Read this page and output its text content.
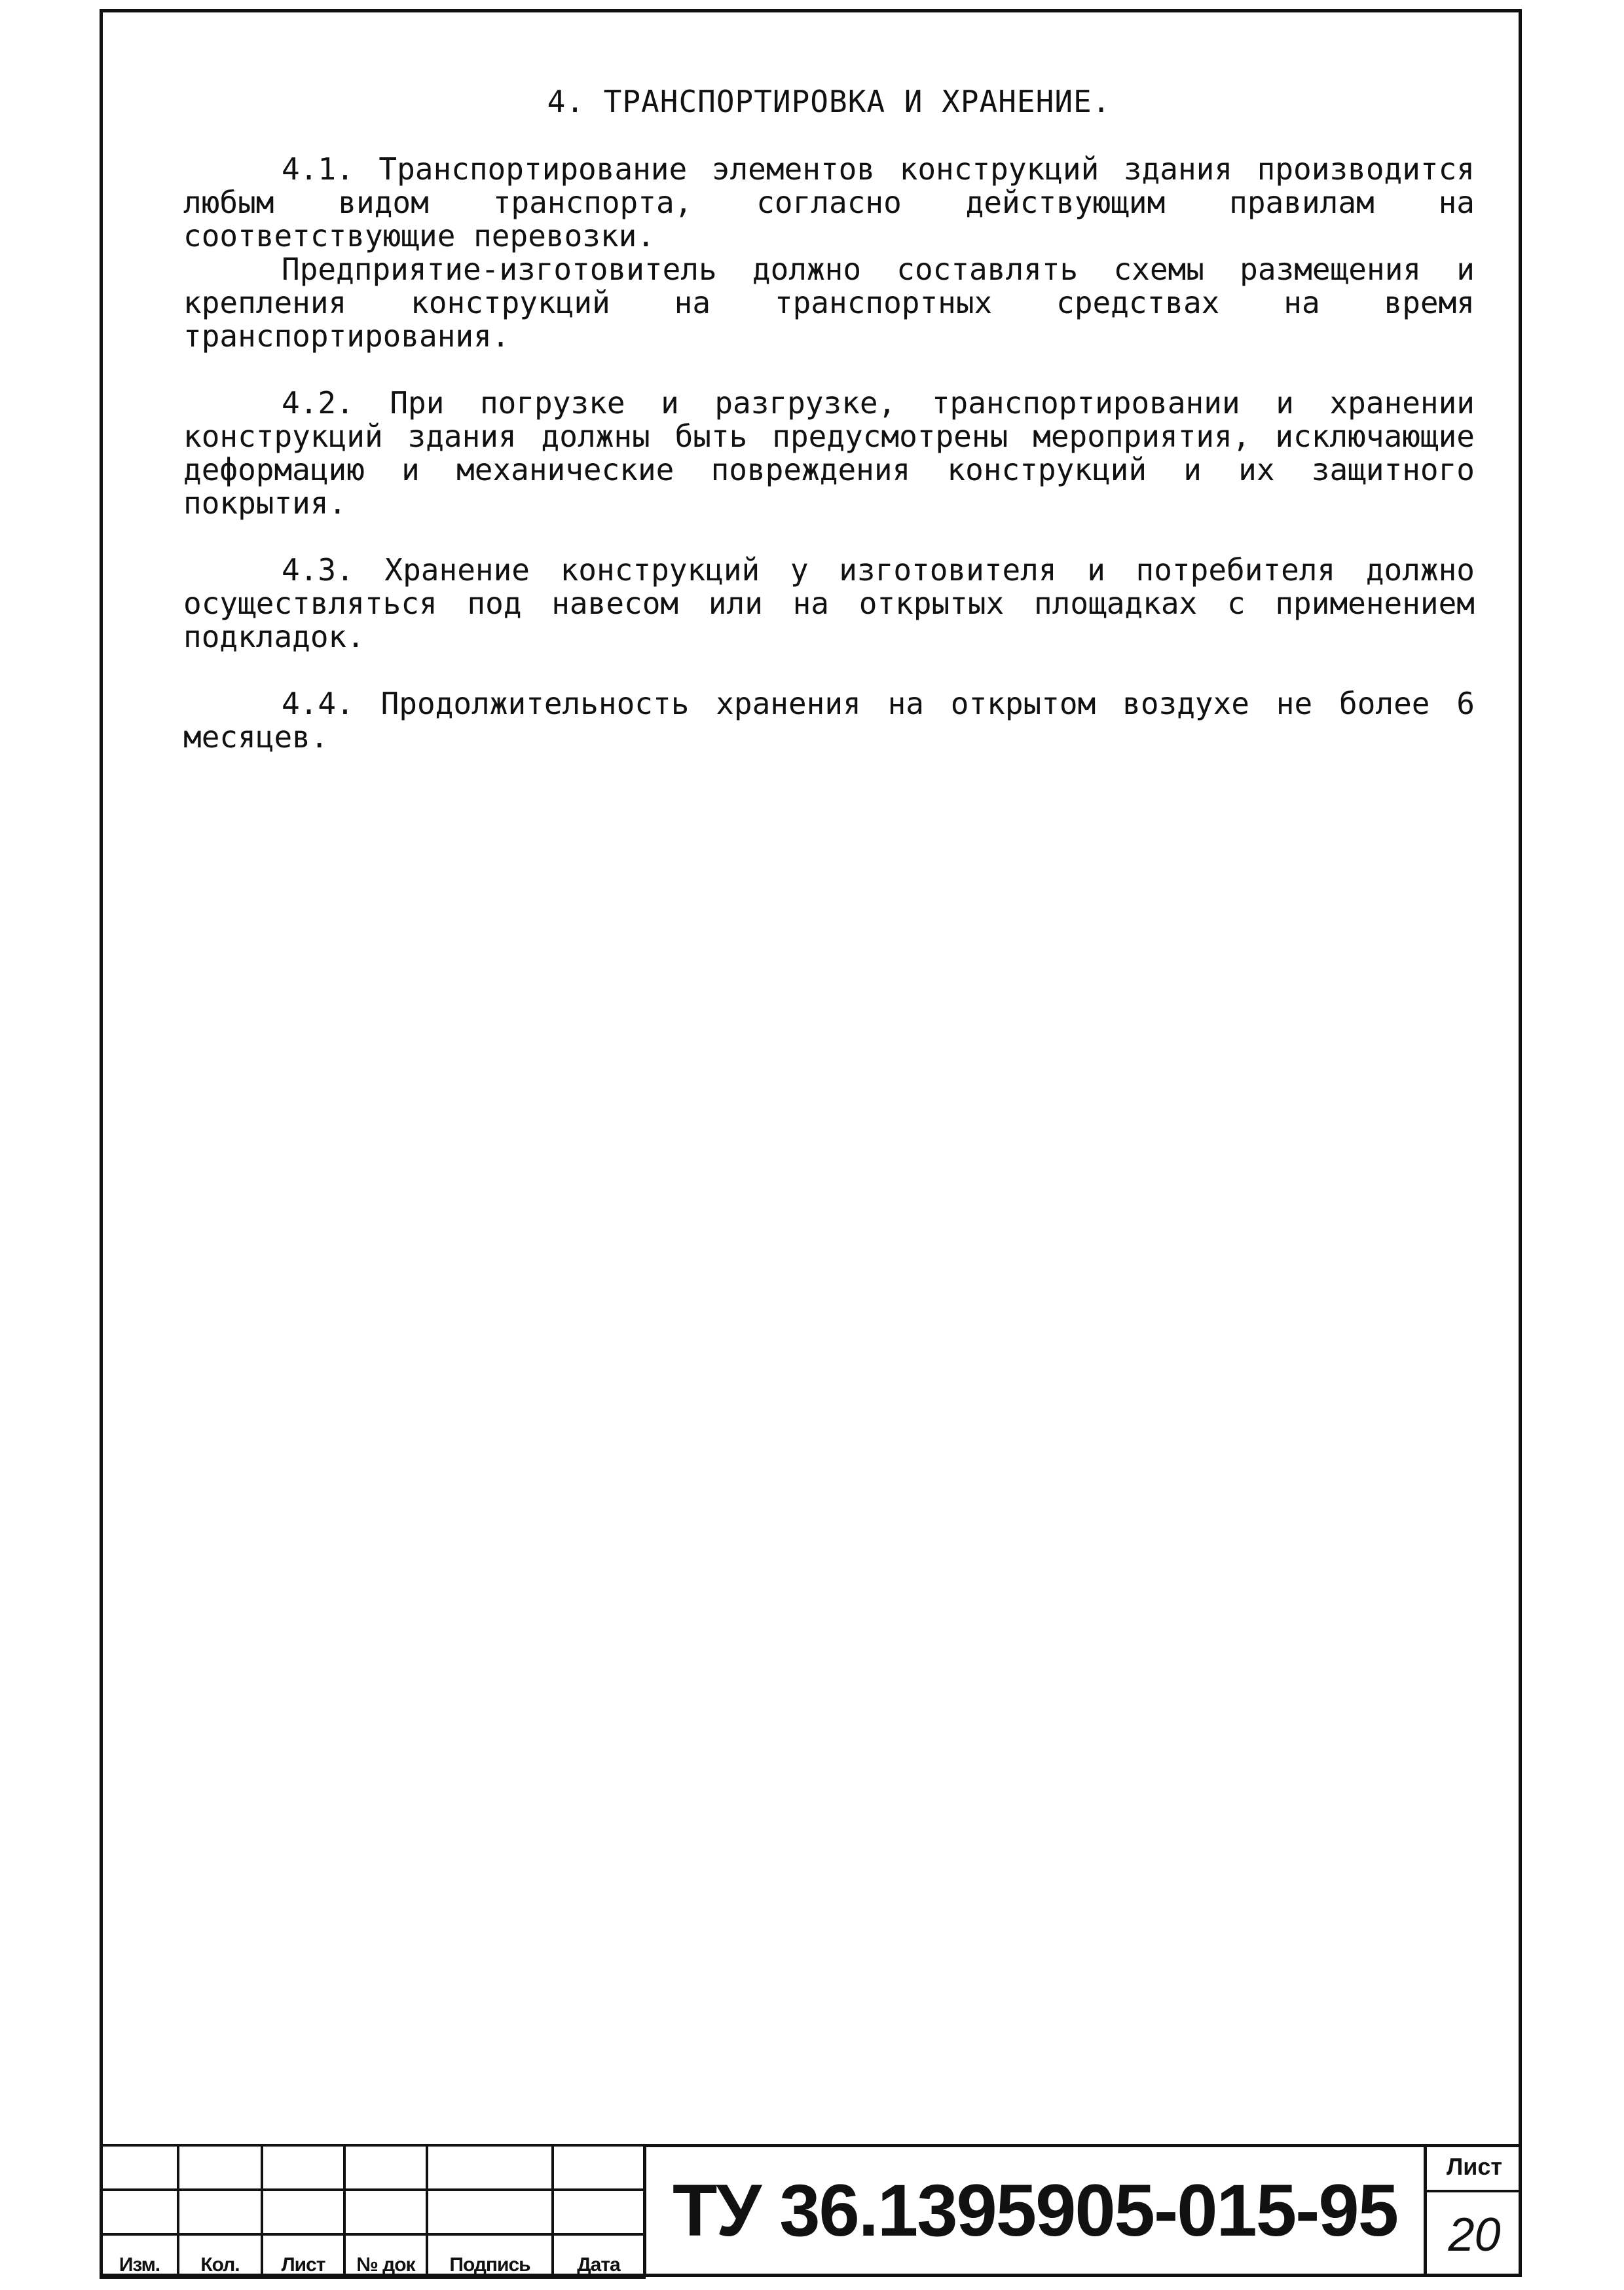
4. ТРАНСПОРТИРОВКА И ХРАНЕНИЕ.

4.1. Транспортирование элементов конструкций здания производится любым видом транспорта, согласно действующим правилам на соответствующие перевозки.

Предприятие-изготовитель должно составлять схемы размещения и крепления конструкций на транспортных средствах на время транспортирования.

4.2. При погрузке и разгрузке, транспортировании и хранении конструкций здания должны быть предусмотрены мероприятия, исключающие деформацию и механические повреждения конструкций и их защитного покрытия.

4.3. Хранение конструкций у изготовителя и потребителя должно осуществляться под навесом или на открытых площадках с применением подкладок.

4.4. Продолжительность хранения на открытом воздухе не более 6 месяцев.

Изм.	Кол.	Лист	№ док	Подпись	Дата
ТУ 36.1395905-015-95
Лист
20
